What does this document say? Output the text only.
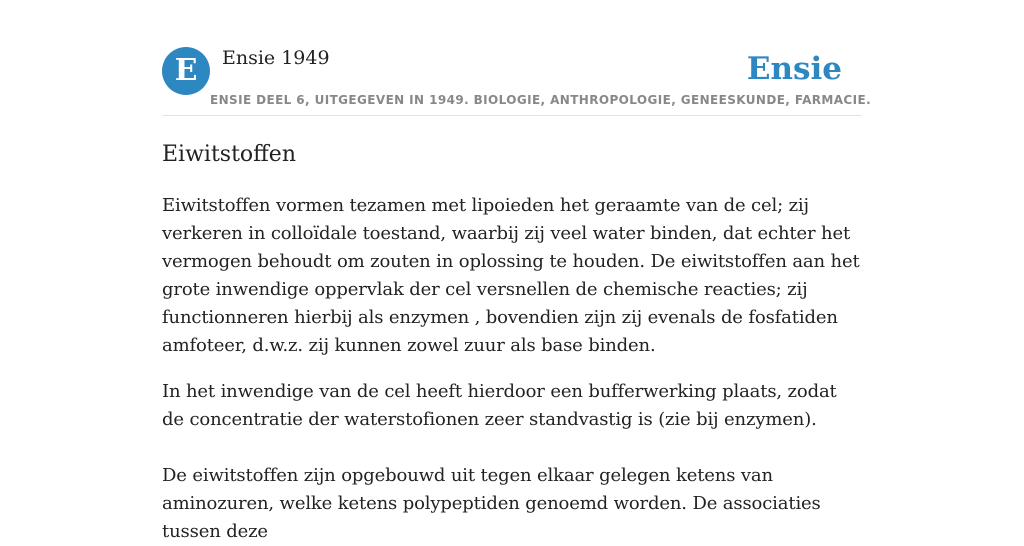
E	Ensie 1949	Ensie
ENSIE DEEL 6, UITGEGEVEN IN 1949. BIOLOGIE, ANTHROPOLOGIE, GENEESKUNDE, FARMACIE.
Eiwitstoffen

Eiwitstoffen vormen tezamen met lipoieden het geraamte van de cel; zij verkeren in colloïdale toestand, waarbij zij veel water binden, dat echter het vermogen behoudt om zouten in oplossing te houden. De eiwitstoffen aan het grote inwendige oppervlak der cel versnellen de chemische reacties; zij functionneren hierbij als enzymen , bovendien zijn zij evenals de fosfatiden amfoteer, d.w.z. zij kunnen zowel zuur als base binden.

In het inwendige van de cel heeft hierdoor een bufferwerking plaats, zodat de concentratie der waterstofionen zeer standvastig is (zie bij enzymen).

De eiwitstoffen zijn opgebouwd uit tegen elkaar gelegen ketens van aminozuren, welke ketens polypeptiden genoemd worden. De associaties tussen deze
